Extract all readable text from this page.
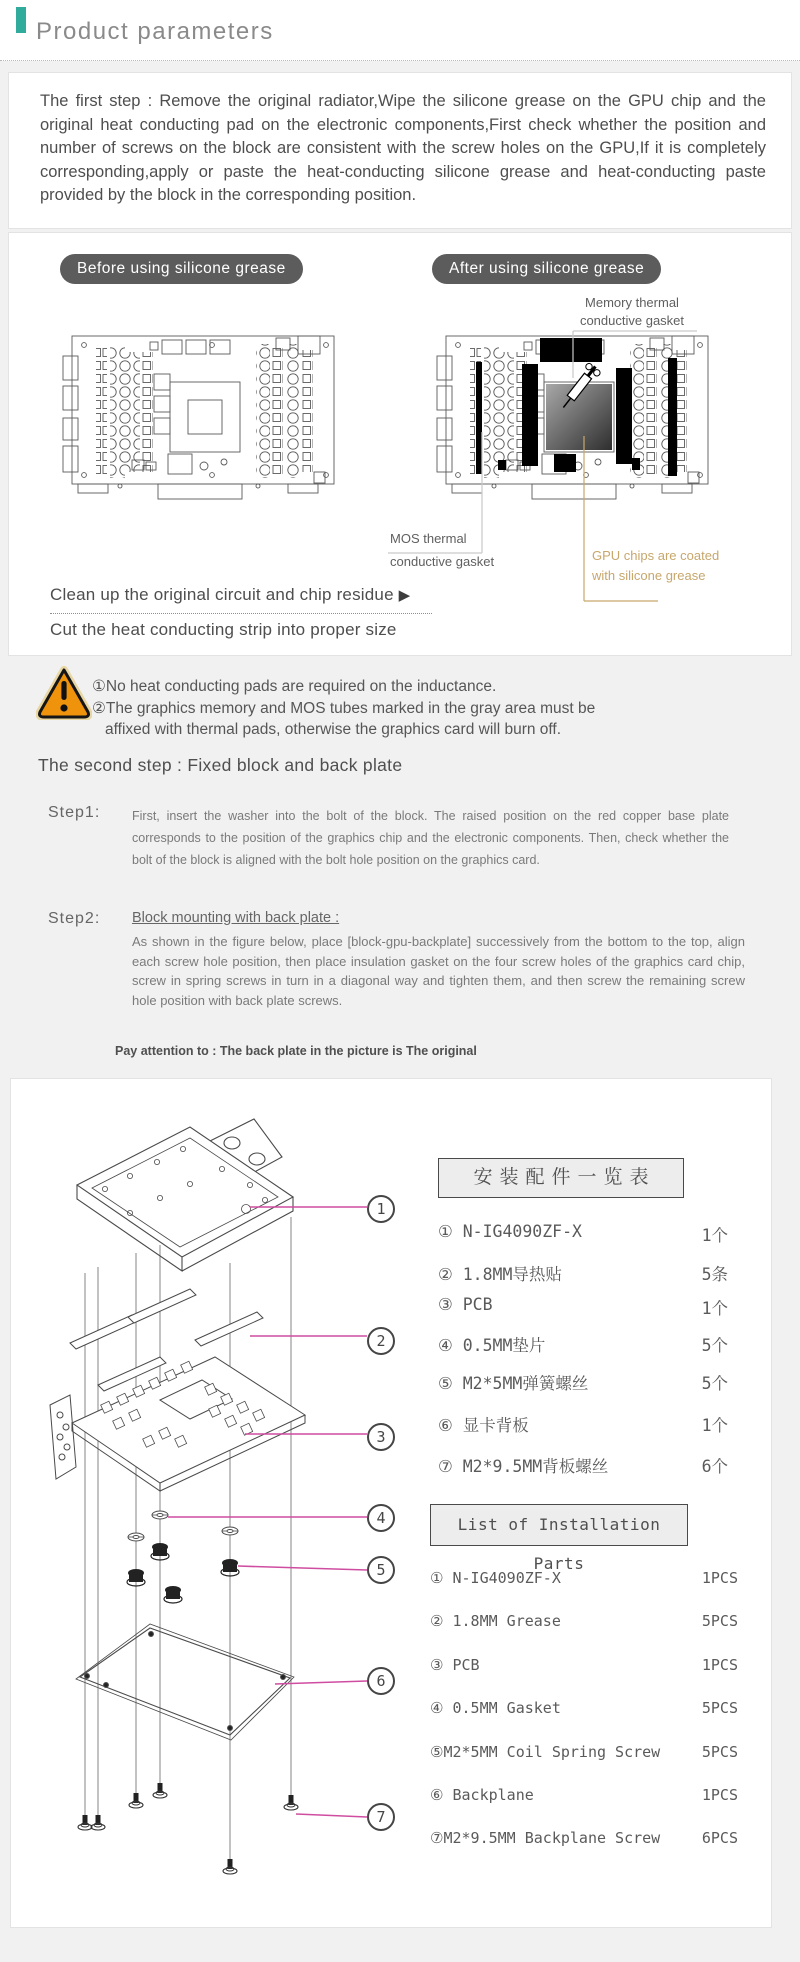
Product parameters
The first step : Remove the original radiator,Wipe the silicone grease on the GPU chip and the original heat conducting pad on the electronic components,First check whether the position and number of screws on the block are consistent with the screw holes on the GPU,If it is completely corresponding,apply or paste the heat-conducting silicone grease and heat-conducting paste provided by the block in the corresponding position.
Before using silicone grease	After using silicone grease
Memory thermal
conductive gasket
MOS thermal
conductive gasket	GPU chips are coated
with silicone grease
Clean up the original circuit and chip residue ▶
Cut the heat conducting strip into proper size
①No heat conducting pads are required on the inductance.
②The graphics memory and MOS tubes marked in the gray area must be
affixed with thermal pads, otherwise the graphics card will burn off.
The second step : Fixed block and back plate
Step1:	First, insert the washer into the bolt of the block. The raised position on the red copper base plate corresponds to the position of the graphics chip and the electronic components. Then, check whether the bolt of the block is aligned with the bolt hole position on the graphics card.
Step2: Block mounting with back plate :
As shown in the figure below, place [block-gpu-backplate] successively from the bottom to the top, align each screw hole position, then place insulation gasket on the four screw holes of the graphics card chip, screw in spring screws in turn in a diagonal way and tighten them, and then screw the remaining screw hole position with back plate screws.
Pay attention to : The back plate in the picture is The original
1
2
3
4
5
6
7
安装配件一览表
① N-IG4090ZF-X	1个
② 1.8MM导热贴	5条
③ PCB	1个
④ 0.5MM垫片	5个
⑤ M2*5MM弹簧螺丝	5个
⑥ 显卡背板	1个
⑦ M2*9.5MM背板螺丝	6个
List of Installation Parts
① N-IG4090ZF-X	1PCS
② 1.8MM Grease	5PCS
③ PCB	1PCS
④ 0.5MM Gasket	5PCS
⑤M2*5MM Coil Spring Screw	5PCS
⑥ Backplane	1PCS
⑦M2*9.5MM Backplane Screw	6PCS
